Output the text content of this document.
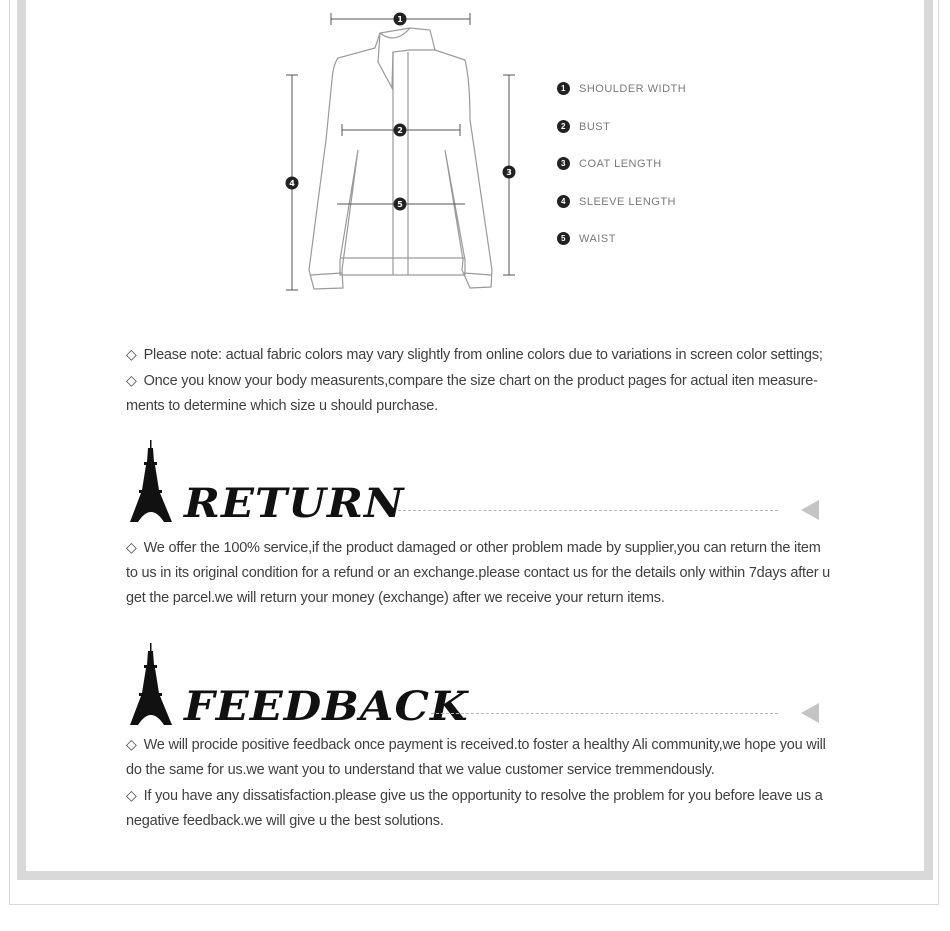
1
2
3
4
5
1	SHOULDER WIDTH
2	BUST
3	COAT LENGTH
4	SLEEVE LENGTH
5	WAIST

◇ Please note: actual fabric colors may vary slightly from online colors due to variations in screen color settings;

◇ Once you know your body measurents,compare the size chart on the product pages for actual iten measure-ments to determine which size u should purchase.

RETURN

◇ We offer the 100% service,if the product damaged or other problem made by supplier,you can return the item to us in its original condition for a refund or an exchange.please contact us for the details only within 7days after u get the parcel.we will return your money (exchange) after we receive your return items.

FEEDBACK

◇ We will procide positive feedback once payment is received.to foster a healthy Ali community,we hope you will do the same for us.we want you to understand that we value customer service tremmendously.

◇ If you have any dissatisfaction.please give us the opportunity to resolve the problem for you before leave us a negative feedback.we will give u the best solutions.
